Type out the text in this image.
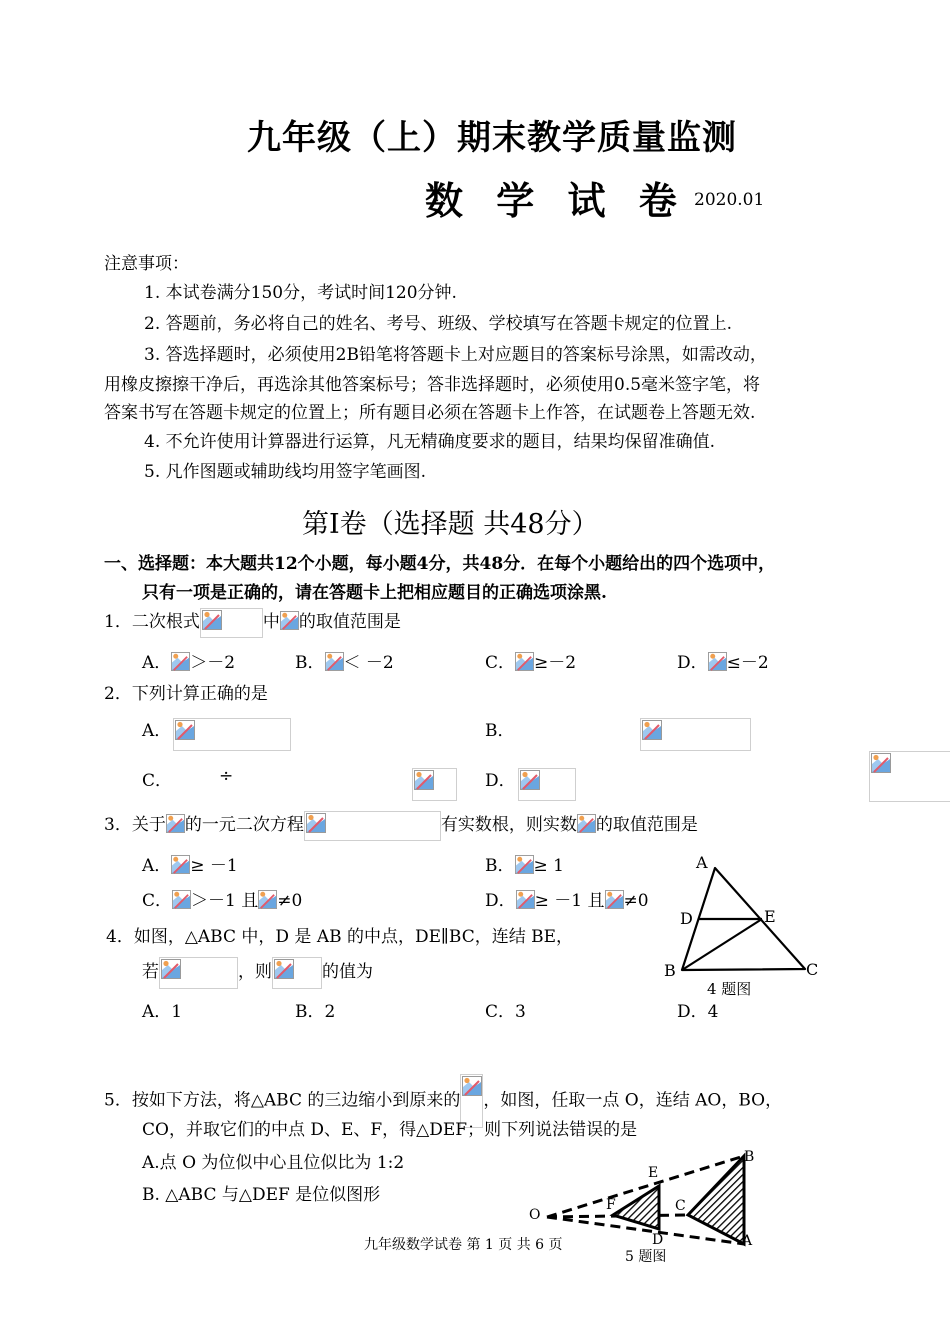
九年级（上）期末教学质量监测
数 学 试 卷 2020.01
注意事项：
1. 本试卷满分150分，考试时间120分钟.
2. 答题前，务必将自己的姓名、考号、班级、学校填写在答题卡规定的位置上.
3. 答选择题时，必须使用2B铅笔将答题卡上对应题目的答案标号涂黑，如需改动，
用橡皮擦擦干净后，再选涂其他答案标号；答非选择题时，必须使用0.5毫米签字笔，将
答案书写在答题卡规定的位置上；所有题目必须在答题卡上作答，在试题卷上答题无效.
4. 不允许使用计算器进行运算，凡无精确度要求的题目，结果均保留准确值.
5. 凡作图题或辅助线均用签字笔画图.
第Ⅰ卷（选择题 共48分）
一、选择题：本大题共12个小题，每小题4分，共48分．在每个小题给出的四个选项中，
只有一项是正确的，请在答题卡上把相应题目的正确选项涂黑.
1．二次根式	中 的取值范围是
A． ＞－2	B． ＜ －2	C． ≥－2	D． ≤－2
2．下列计算正确的是
A．
	B．

C．
	÷
	D．
3．关于 的一元二次方程	有实数根，则实数 的取值范围是
A． ≥ －1	B． ≥ 1
C． ＞－1 且 ≠0	D． ≥ －1 且 ≠0
4．如图，△ABC 中，D 是 AB 的中点，DE∥BC，连结 BE，
若	，则	的值为
A．1	B．2	C．3	D．4
A
D	E
B	C
4 题图
5．按如下方法，将△ABC 的三边缩小到原来的 ，如图，任取一点 O，连结 AO，BO，
CO，并取它们的中点 D、E、F，得△DEF；则下列说法错误的是
A.点 O 为位似中心且位似比为 1:2
B. △ABC 与△DEF 是位似图形
B
E
O
F	C
D	A
5 题图
九年级数学试卷 第 1 页 共 6 页
